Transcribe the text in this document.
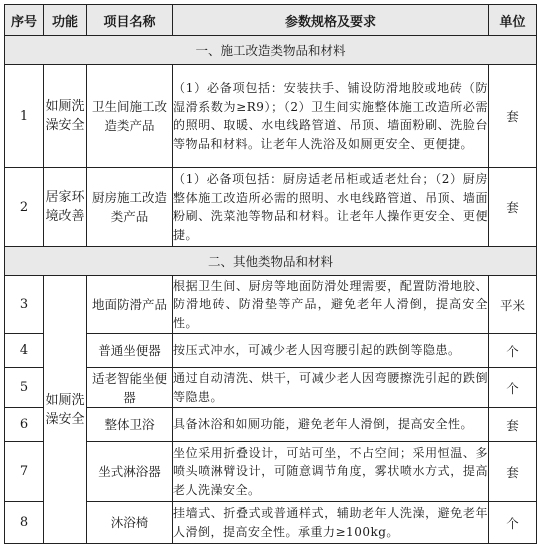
序号	功能	项目名称	参数规格及要求	单位
一、施工改造类物品和材料				
1	如厕洗澡安全	卫生间施工改造类产品	（1）必备项包括：安装扶手、铺设防滑地胶或地砖（防湿滑系数为≥R9）；（2）卫生间实施整体施工改造所必需的照明、取暖、水电线路管道、吊顶、墙面粉刷、洗脸台等物品和材料。让老年人洗浴及如厕更安全、更便捷。	套
2	居家环境改善	厨房施工改造类产品	（1）必备项包括：厨房适老吊柜或适老灶台；（2）厨房整体施工改造所必需的照明、水电线路管道、吊顶、墙面粉刷、洗菜池等物品和材料。让老年人操作更安全、更便捷。	套
二、其他类物品和材料				
3	如厕洗澡安全	地面防滑产品	根据卫生间、厨房等地面防滑处理需要，配置防滑地胶、防滑地砖、防滑垫等产品，避免老年人滑倒，提高安全性。	平米
4		普通坐便器	按压式冲水，可减少老人因弯腰引起的跌倒等隐患。	个
5		适老智能坐便器	通过自动清洗、烘干，可减少老人因弯腰擦洗引起的跌倒等隐患。	个
6		整体卫浴	具备沐浴和如厕功能，避免老年人滑倒，提高安全性。	套
7		坐式淋浴器	坐位采用折叠设计，可站可坐，不占空间；采用恒温、多喷头喷淋臂设计，可随意调节角度，雾状喷水方式，提高老人洗澡安全。	套
8		沐浴椅	挂墙式、折叠式或普通样式，辅助老年人洗澡，避免老年人滑倒，提高安全性。承重力≥100kg。	个
